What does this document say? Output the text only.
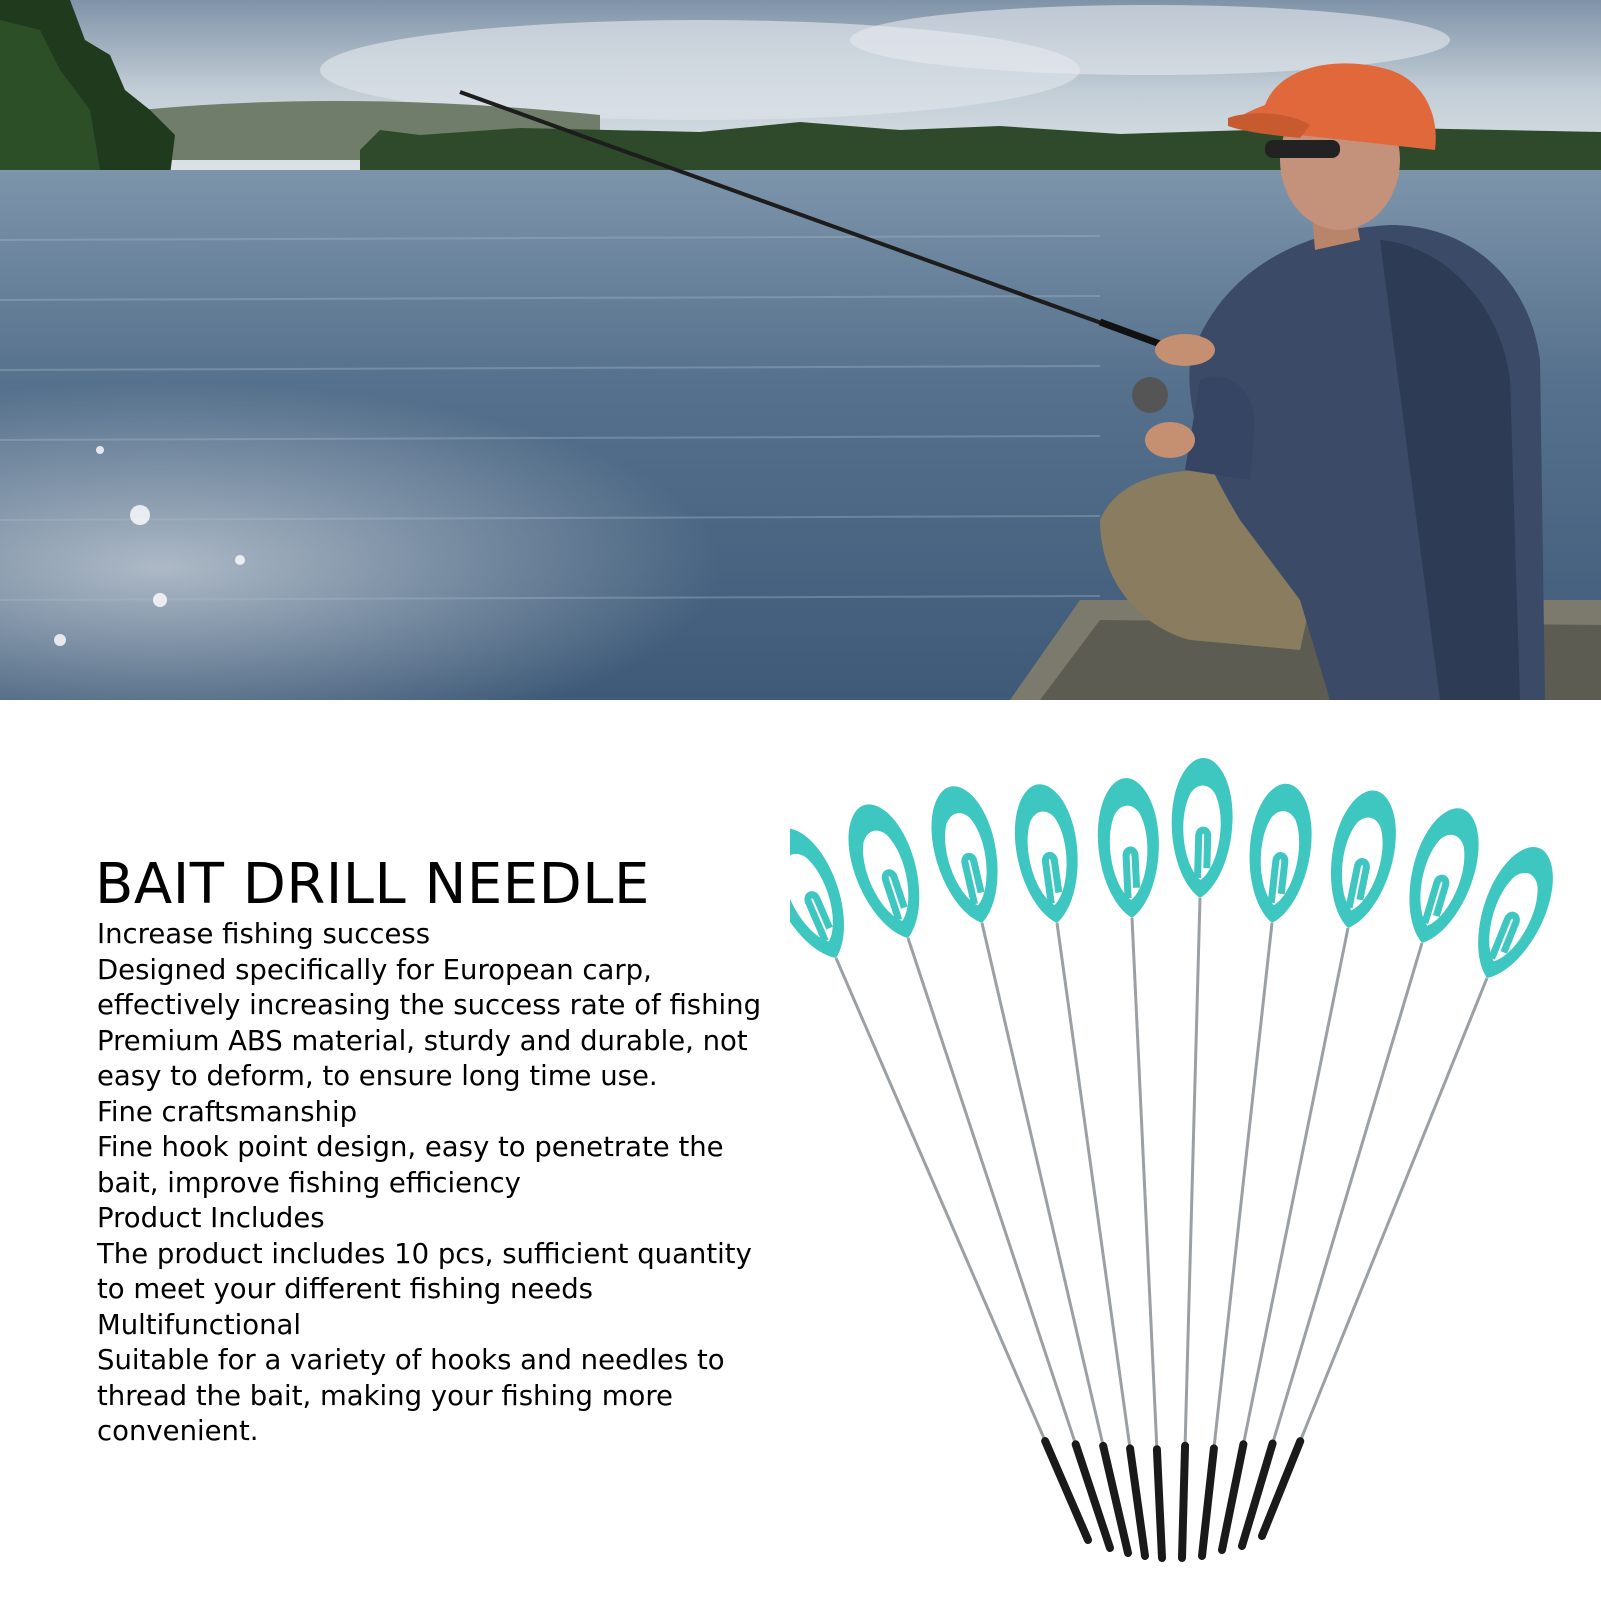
BAIT DRILL NEEDLE
Increase fishing success
Designed specifically for European carp,
effectively increasing the success rate of fishing
Premium ABS material, sturdy and durable, not
easy to deform, to ensure long time use.
Fine craftsmanship
Fine hook point design, easy to penetrate the
bait, improve fishing efficiency
Product Includes
The product includes 10 pcs, sufficient quantity
to meet your different fishing needs
Multifunctional
Suitable for a variety of hooks and needles to
thread the bait, making your fishing more
convenient.
